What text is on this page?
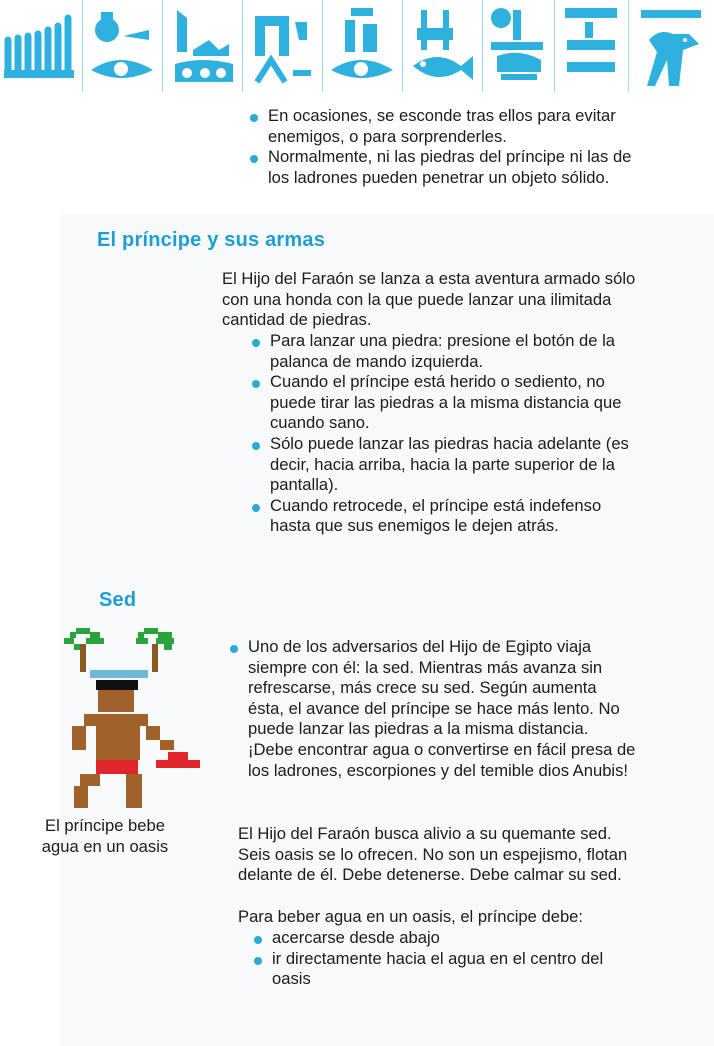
En ocasiones, se esconde tras ellos para evitar enemigos, o para sorprenderles.
Normalmente, ni las piedras del príncipe ni las de los ladrones pueden penetrar un objeto sólido.
El príncipe y sus armas
El Hijo del Faraón se lanza a esta aventura armado sólo con una honda con la que puede lanzar una ilimitada cantidad de piedras.
Para lanzar una piedra: presione el botón de la palanca de mando izquierda.
Cuando el príncipe está herido o sediento, no puede tirar las piedras a la misma distancia que cuando sano.
Sólo puede lanzar las piedras hacia adelante (es decir, hacia arriba, hacia la parte superior de la pantalla).
Cuando retrocede, el príncipe está indefenso hasta que sus enemigos le dejen atrás.
Sed
El príncipe bebe agua en un oasis
Uno de los adversarios del Hijo de Egipto viaja siempre con él: la sed. Mientras más avanza sin refrescarse, más crece su sed. Según aumenta ésta, el avance del príncipe se hace más lento. No puede lanzar las piedras a la misma distancia. ¡Debe encontrar agua o convertirse en fácil presa de los ladrones, escorpiones y del temible dios Anubis!
El Hijo del Faraón busca alivio a su quemante sed. Seis oasis se lo ofrecen. No son un espejismo, flotan delante de él. Debe detenerse. Debe calmar su sed.
Para beber agua en un oasis, el príncipe debe:
acercarse desde abajo
ir directamente hacia el agua en el centro del oasis
